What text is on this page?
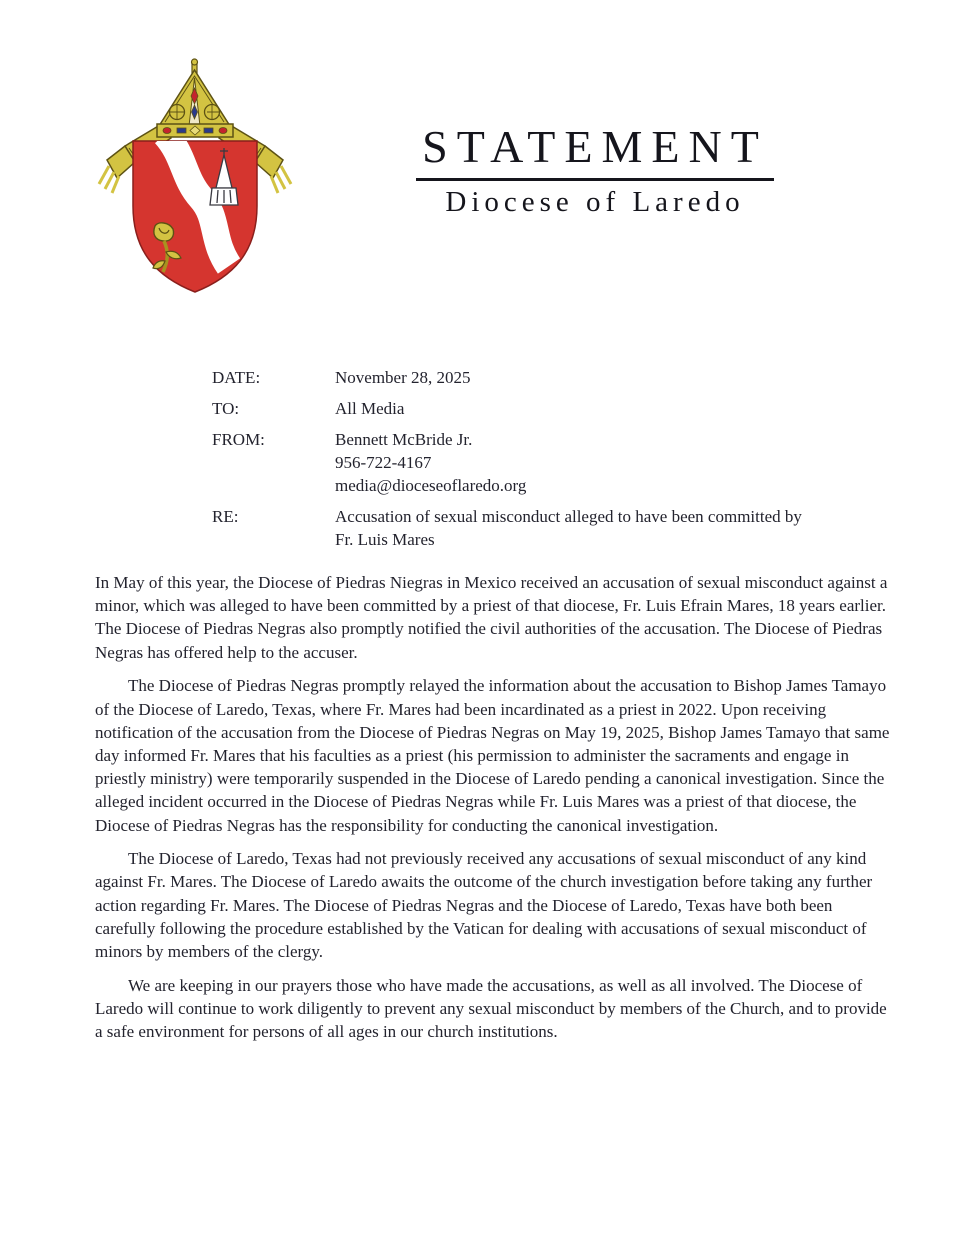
STATEMENT
Diocese of Laredo
DATE:	November 28, 2025
TO:	All Media
FROM:	Bennett McBride Jr.
956-722-4167
media@dioceseoflaredo.org
RE:	Accusation of sexual misconduct alleged to have been committed by
Fr. Luis Mares

In May of this year, the Diocese of Piedras Niegras in Mexico received an accusation of sexual misconduct against a minor, which was alleged to have been committed by a priest of that diocese, Fr. Luis Efrain Mares, 18 years earlier. The Diocese of Piedras Negras also promptly notified the civil authorities of the accusation. The Diocese of Piedras Negras has offered help to the accuser.

The Diocese of Piedras Negras promptly relayed the information about the accusation to Bishop James Tamayo of the Diocese of Laredo, Texas, where Fr. Mares had been incardinated as a priest in 2022. Upon receiving notification of the accusation from the Diocese of Piedras Negras on May 19, 2025, Bishop James Tamayo that same day informed Fr. Mares that his faculties as a priest (his permission to administer the sacraments and engage in priestly ministry) were temporarily suspended in the Diocese of Laredo pending a canonical investigation. Since the alleged incident occurred in the Diocese of Piedras Negras while Fr. Luis Mares was a priest of that diocese, the Diocese of Piedras Negras has the responsibility for conducting the canonical investigation.

The Diocese of Laredo, Texas had not previously received any accusations of sexual misconduct of any kind against Fr. Mares. The Diocese of Laredo awaits the outcome of the church investigation before taking any further action regarding Fr. Mares. The Diocese of Piedras Negras and the Diocese of Laredo, Texas have both been carefully following the procedure established by the Vatican for dealing with accusations of sexual misconduct of minors by members of the clergy.

We are keeping in our prayers those who have made the accusations, as well as all involved. The Diocese of Laredo will continue to work diligently to prevent any sexual misconduct by members of the Church, and to provide a safe environment for persons of all ages in our church institutions.
